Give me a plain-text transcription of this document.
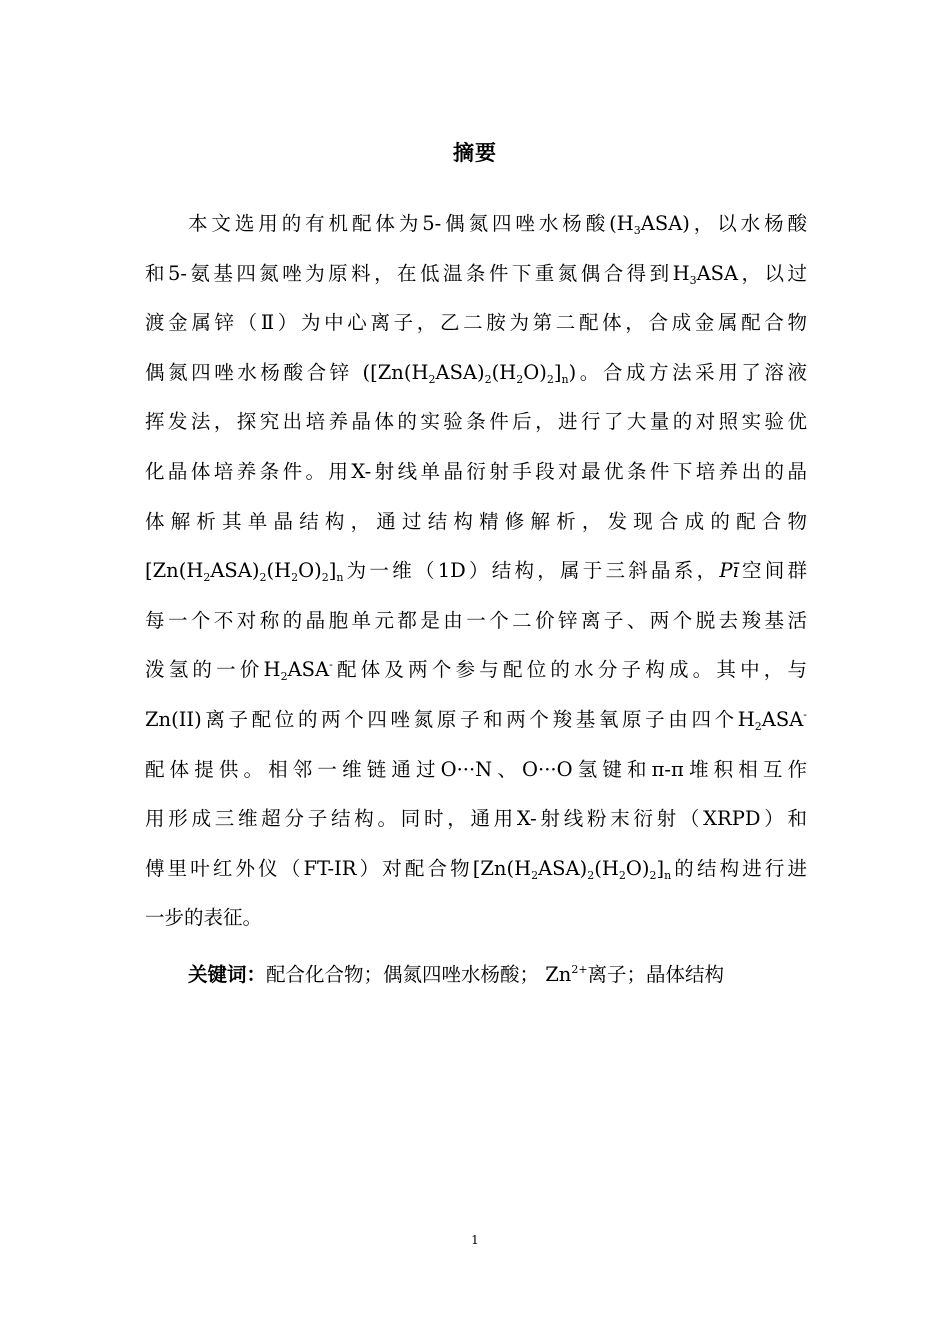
摘要
本文选用的有机配体为5-偶氮四唑水杨酸$(H_3ASA)$，以水杨酸
和5-氨基四氮唑为原料，在低温条件下重氮偶合得到$H_3ASA$，以过
渡金属锌（Ⅱ）为中心离子，乙二胺为第二配体，合成金属配合物
偶氮四唑水杨酸合锌 $([Zn(H_2ASA)_2(H_2O)_2]_n)$。合成方法采用了溶液
挥发法，探究出培养晶体的实验条件后，进行了大量的对照实验优
化晶体培养条件。用X-射线单晶衍射手段对最优条件下培养出的晶
体解析其单晶结构，通过结构精修解析，发现合成的配合物
$[Zn(H_2ASA)_2(H_2O)_2]_n$为一维（1D）结构，属于三斜晶系，Pī空间群
每一个不对称的晶胞单元都是由一个二价锌离子、两个脱去羧基活
泼氢的一价$H_2ASA^-$配体及两个参与配位的水分子构成。其中，与
Zn(II)离子配位的两个四唑氮原子和两个羧基氧原子由四个$H_2ASA^-$
配体提供。相邻一维链通过O···N、O···O氢键和π-π堆积相互作
用形成三维超分子结构。同时，通用X-射线粉末衍射（XRPD）和
傅里叶红外仪（FT-IR）对配合物$[Zn(H_2ASA)_2(H_2O)_2]_n$的结构进行进
一步的表征。
关键词：配合化合物；偶氮四唑水杨酸； $Zn^{2+}$离子；晶体结构
1
